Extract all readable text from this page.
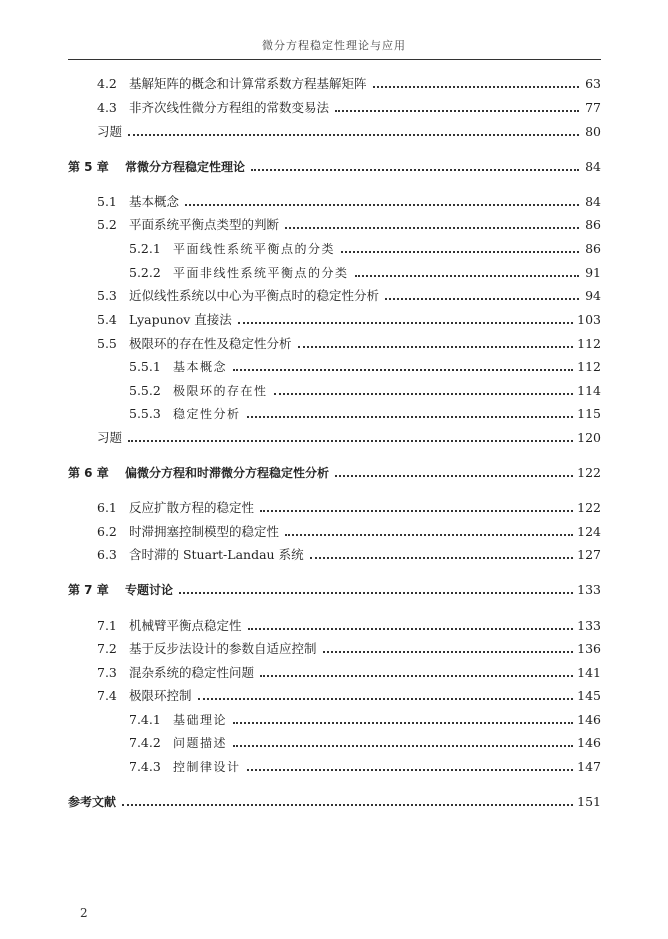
微分方程稳定性理论与应用
4.2 基解矩阵的概念和计算常系数方程基解矩阵	63
4.3 非齐次线性微分方程组的常数变易法	77
习题	80
第 5 章	常微分方程稳定性理论	84
5.1 基本概念	84
5.2 平面系统平衡点类型的判断	86
5.2.1	平面线性系统平衡点的分类	86
5.2.2	平面非线性系统平衡点的分类	91
5.3 近似线性系统以中心为平衡点时的稳定性分析	94
5.4 Lyapunov 直接法	103
5.5 极限环的存在性及稳定性分析	112
5.5.1	基本概念	112
5.5.2	极限环的存在性	114
5.5.3	稳定性分析	115
习题	120
第 6 章	偏微分方程和时滞微分方程稳定性分析	122
6.1 反应扩散方程的稳定性	122
6.2 时滞拥塞控制模型的稳定性	124
6.3 含时滞的 Stuart-Landau 系统	127
第 7 章	专题讨论	133
7.1 机械臂平衡点稳定性	133
7.2 基于反步法设计的参数自适应控制	136
7.3 混杂系统的稳定性问题	141
7.4 极限环控制	145
7.4.1	基础理论	146
7.4.2	问题描述	146
7.4.3	控制律设计	147
参考文献	151
2
